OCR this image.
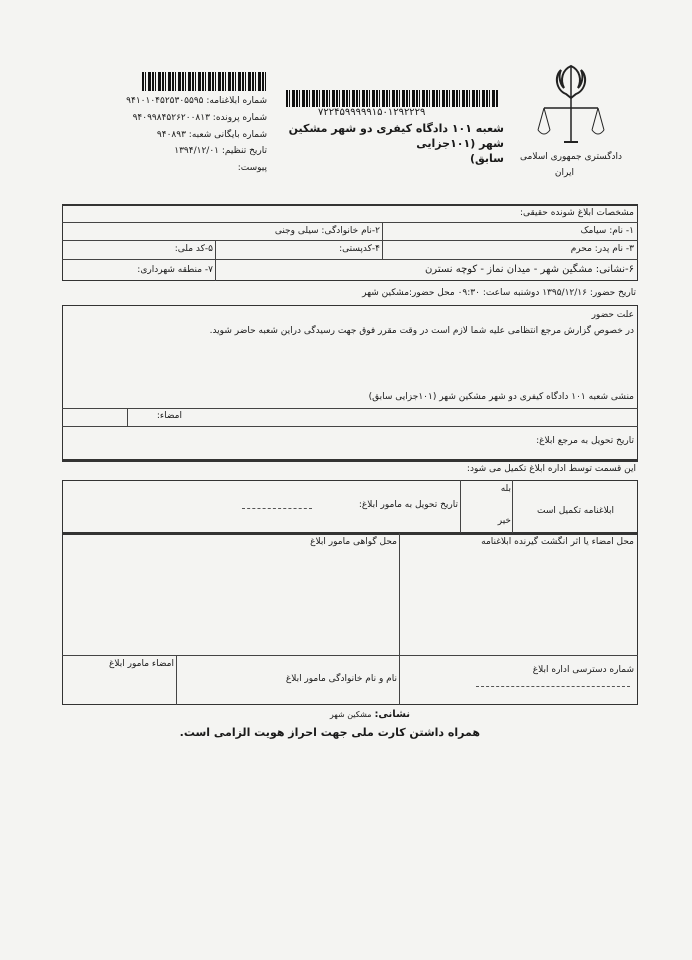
دادگستری جمهوری اسلامی
ایران
۷۲۲۴۵۹۹۹۹۹۱۵۰۱۲۹۲۲۲۹
شعبه ۱۰۱ دادگاه کیفری دو شهر مشکین شهر (۱۰۱جزایی
سابق)
شماره ابلاغنامه: ۹۴۱۰۱۰۴۵۲۵۳۰۵۵۹۵
شماره پرونده: ۹۴۰۹۹۸۴۵۲۶۲۰۰۸۱۳
شماره بایگانی شعبه: ۹۴۰۸۹۳
تاریخ تنظیم: ۱۳۹۴/۱۲/۰۱
پیوست:
مشخصات ابلاغ شونده حقیقی:
۱- نام: سیامک
۲-نام خانوادگی: سیلی وجنی
۳- نام پدر: محرم
۴-کدپستی:
۵-کد ملی:
۶-نشانی: مشگین شهر - میدان نماز - کوچه نسترن
۷- منطقه شهرداری:
تاریخ حضور: ۱۳۹۵/۱۲/۱۶ دوشنبه ساعت: ۰۹:۳۰ محل حضور:مشکین شهر
علت حضور
در خصوص گزارش مرجع انتظامی علیه شما لازم است در وقت مقرر فوق جهت رسیدگی دراین شعبه حاضر شوید.
منشی شعبه ۱۰۱ دادگاه کیفری دو شهر مشکین شهر (۱۰۱جزایی سابق)
امضاء:
تاریخ تحویل به مرجع ابلاغ:
این قسمت توسط اداره ابلاغ تکمیل می شود:
ابلاغنامه تکمیل است
بله
خیر
تاریخ تحویل به مامور ابلاغ:
محل امضاء یا اثر انگشت گیرنده ابلاغنامه
محل گواهی مامور ابلاغ
شماره دسترسی اداره ابلاغ
نام و نام خانوادگی مامور ابلاغ
امضاء مامور ابلاغ
نشانی: مشکین شهر
همراه داشتن کارت ملی جهت احراز هویت الزامی است.
